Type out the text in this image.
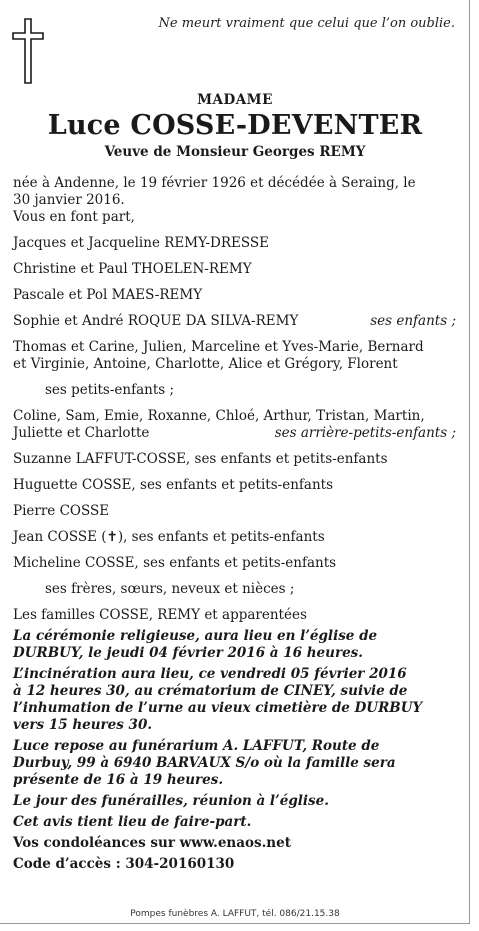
Ne meurt vraiment que celui que l’on oublie.
MADAME
Luce COSSE-DEVENTER
Veuve de Monsieur Georges REMY

née à Andenne, le 19 février 1926 et décédée à Seraing, le

30 janvier 2016.

Vous en font part,

Jacques et Jacqueline REMY-DRESSE

Christine et Paul THOELEN-REMY

Pascale et Pol MAES-REMY

Sophie et André ROQUE DA SILVA-REMY	ses enfants ;

Thomas et Carine, Julien, Marceline et Yves-Marie, Bernard

et Virginie, Antoine, Charlotte, Alice et Grégory, Florent

ses petits-enfants ;

Coline, Sam, Emie, Roxanne, Chloé, Arthur, Tristan, Martin,

Juliette et Charlotte	ses arrière-petits-enfants ;

Suzanne LAFFUT-COSSE, ses enfants et petits-enfants

Huguette COSSE, ses enfants et petits-enfants

Pierre COSSE

Jean COSSE (✝), ses enfants et petits-enfants

Micheline COSSE, ses enfants et petits-enfants

ses frères, sœurs, neveux et nièces ;

Les familles COSSE, REMY et apparentées

La cérémonie religieuse, aura lieu en l’église de

DURBUY, le jeudi 04 février 2016 à 16 heures.

L’incinération aura lieu, ce vendredi 05 février 2016

à 12 heures 30, au crématorium de CINEY, suivie de

l’inhumation de l’urne au vieux cimetière de DURBUY

vers 15 heures 30.

Luce repose au funérarium A. LAFFUT, Route de

Durbuy, 99 à 6940 BARVAUX S/o où la famille sera

présente de 16 à 19 heures.

Le jour des funérailles, réunion à l’église.

Cet avis tient lieu de faire-part.

Vos condoléances sur www.enaos.net

Code d’accès : 304-20160130

Pompes funèbres A. LAFFUT, tél. 086/21.15.38
